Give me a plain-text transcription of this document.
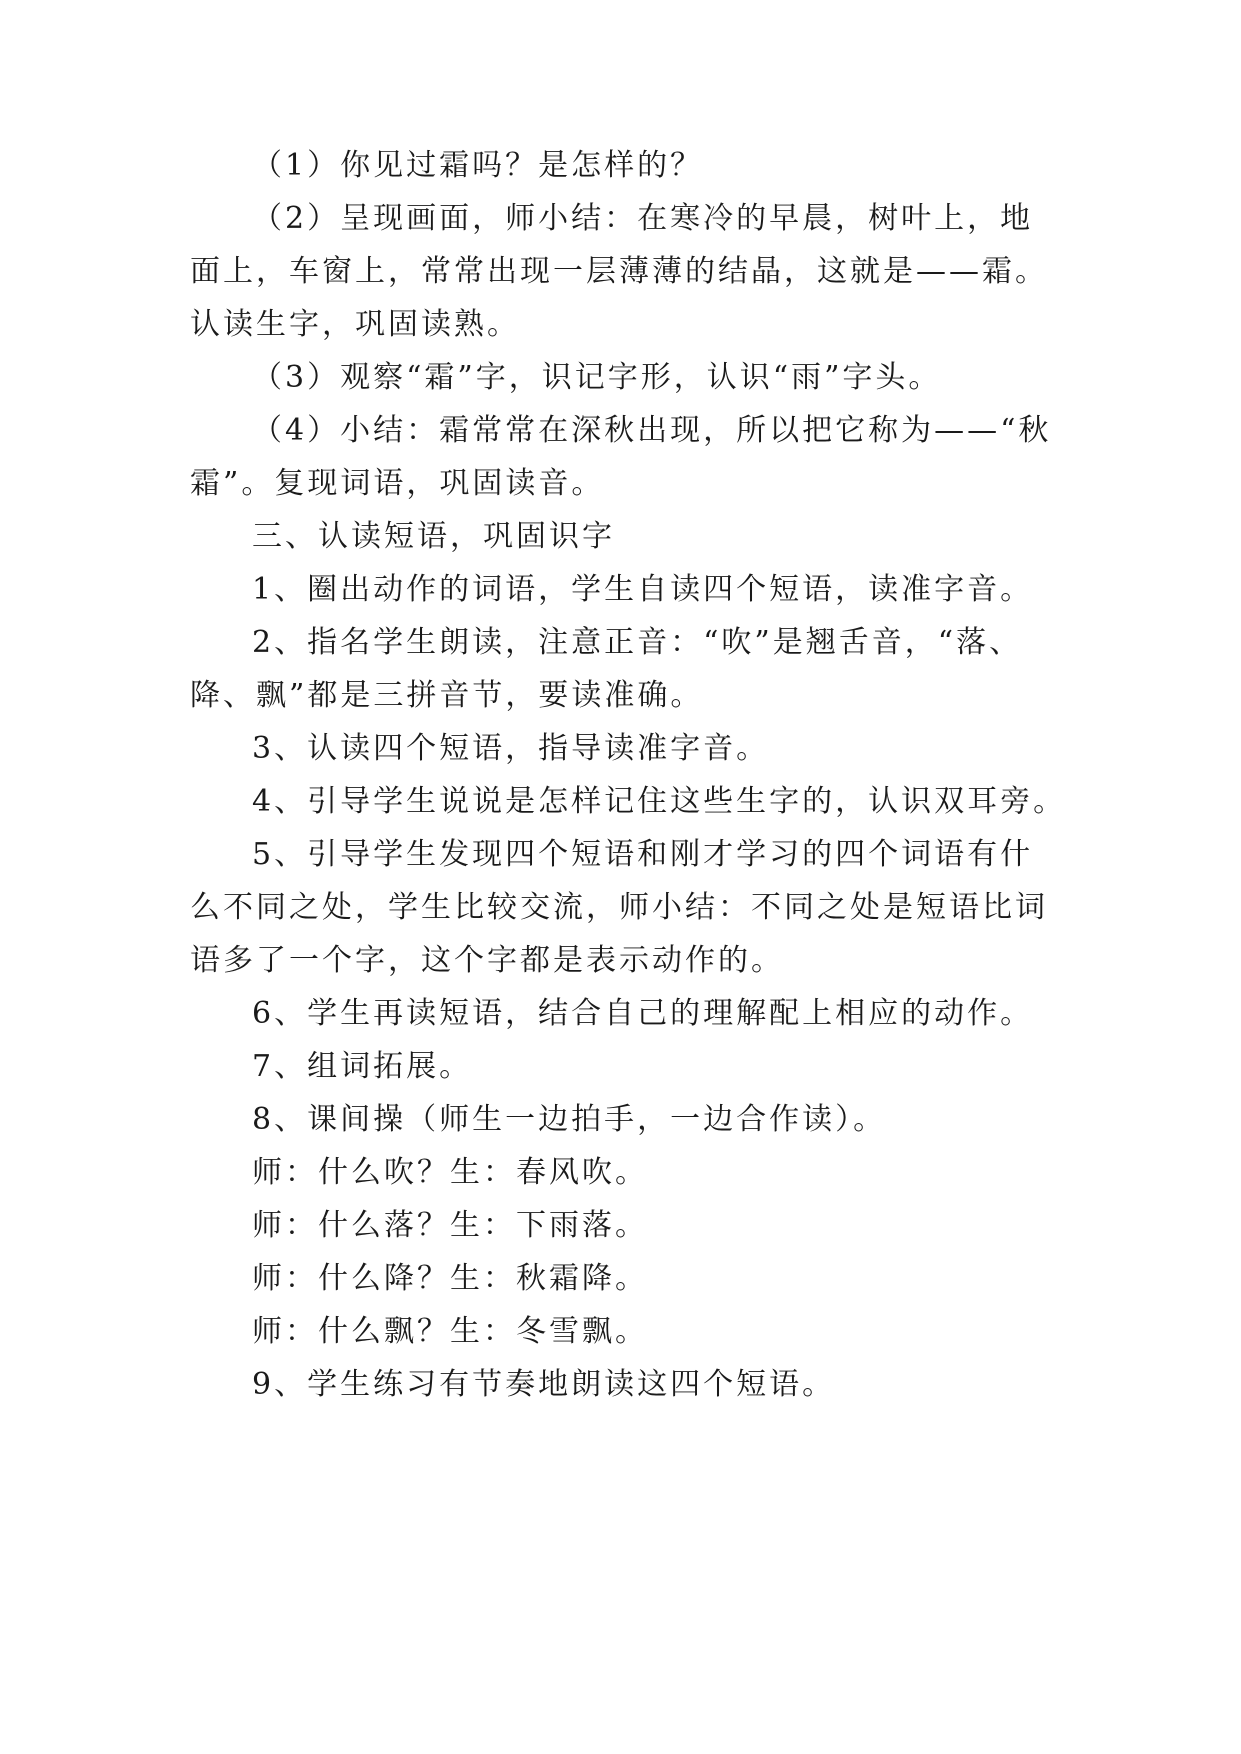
（1）你见过霜吗？是怎样的？
（2）呈现画面，师小结：在寒冷的早晨，树叶上，地
面上，车窗上，常常出现一层薄薄的结晶，这就是——霜。
认读生字，巩固读熟。
（3）观察“霜”字，识记字形，认识“雨”字头。
（4）小结：霜常常在深秋出现，所以把它称为——“秋
霜”。复现词语，巩固读音。
三、认读短语，巩固识字
1、圈出动作的词语，学生自读四个短语，读准字音。
2、指名学生朗读，注意正音：“吹”是翘舌音，“落、
降、飘”都是三拼音节，要读准确。
3、认读四个短语，指导读准字音。
4、引导学生说说是怎样记住这些生字的，认识双耳旁。
5、引导学生发现四个短语和刚才学习的四个词语有什
么不同之处，学生比较交流，师小结：不同之处是短语比词
语多了一个字，这个字都是表示动作的。
6、学生再读短语，结合自己的理解配上相应的动作。
7、组词拓展。
8、课间操（师生一边拍手，一边合作读）。
师：什么吹？生：春风吹。
师：什么落？生：下雨落。
师：什么降？生：秋霜降。
师：什么飘？生：冬雪飘。
9、学生练习有节奏地朗读这四个短语。
